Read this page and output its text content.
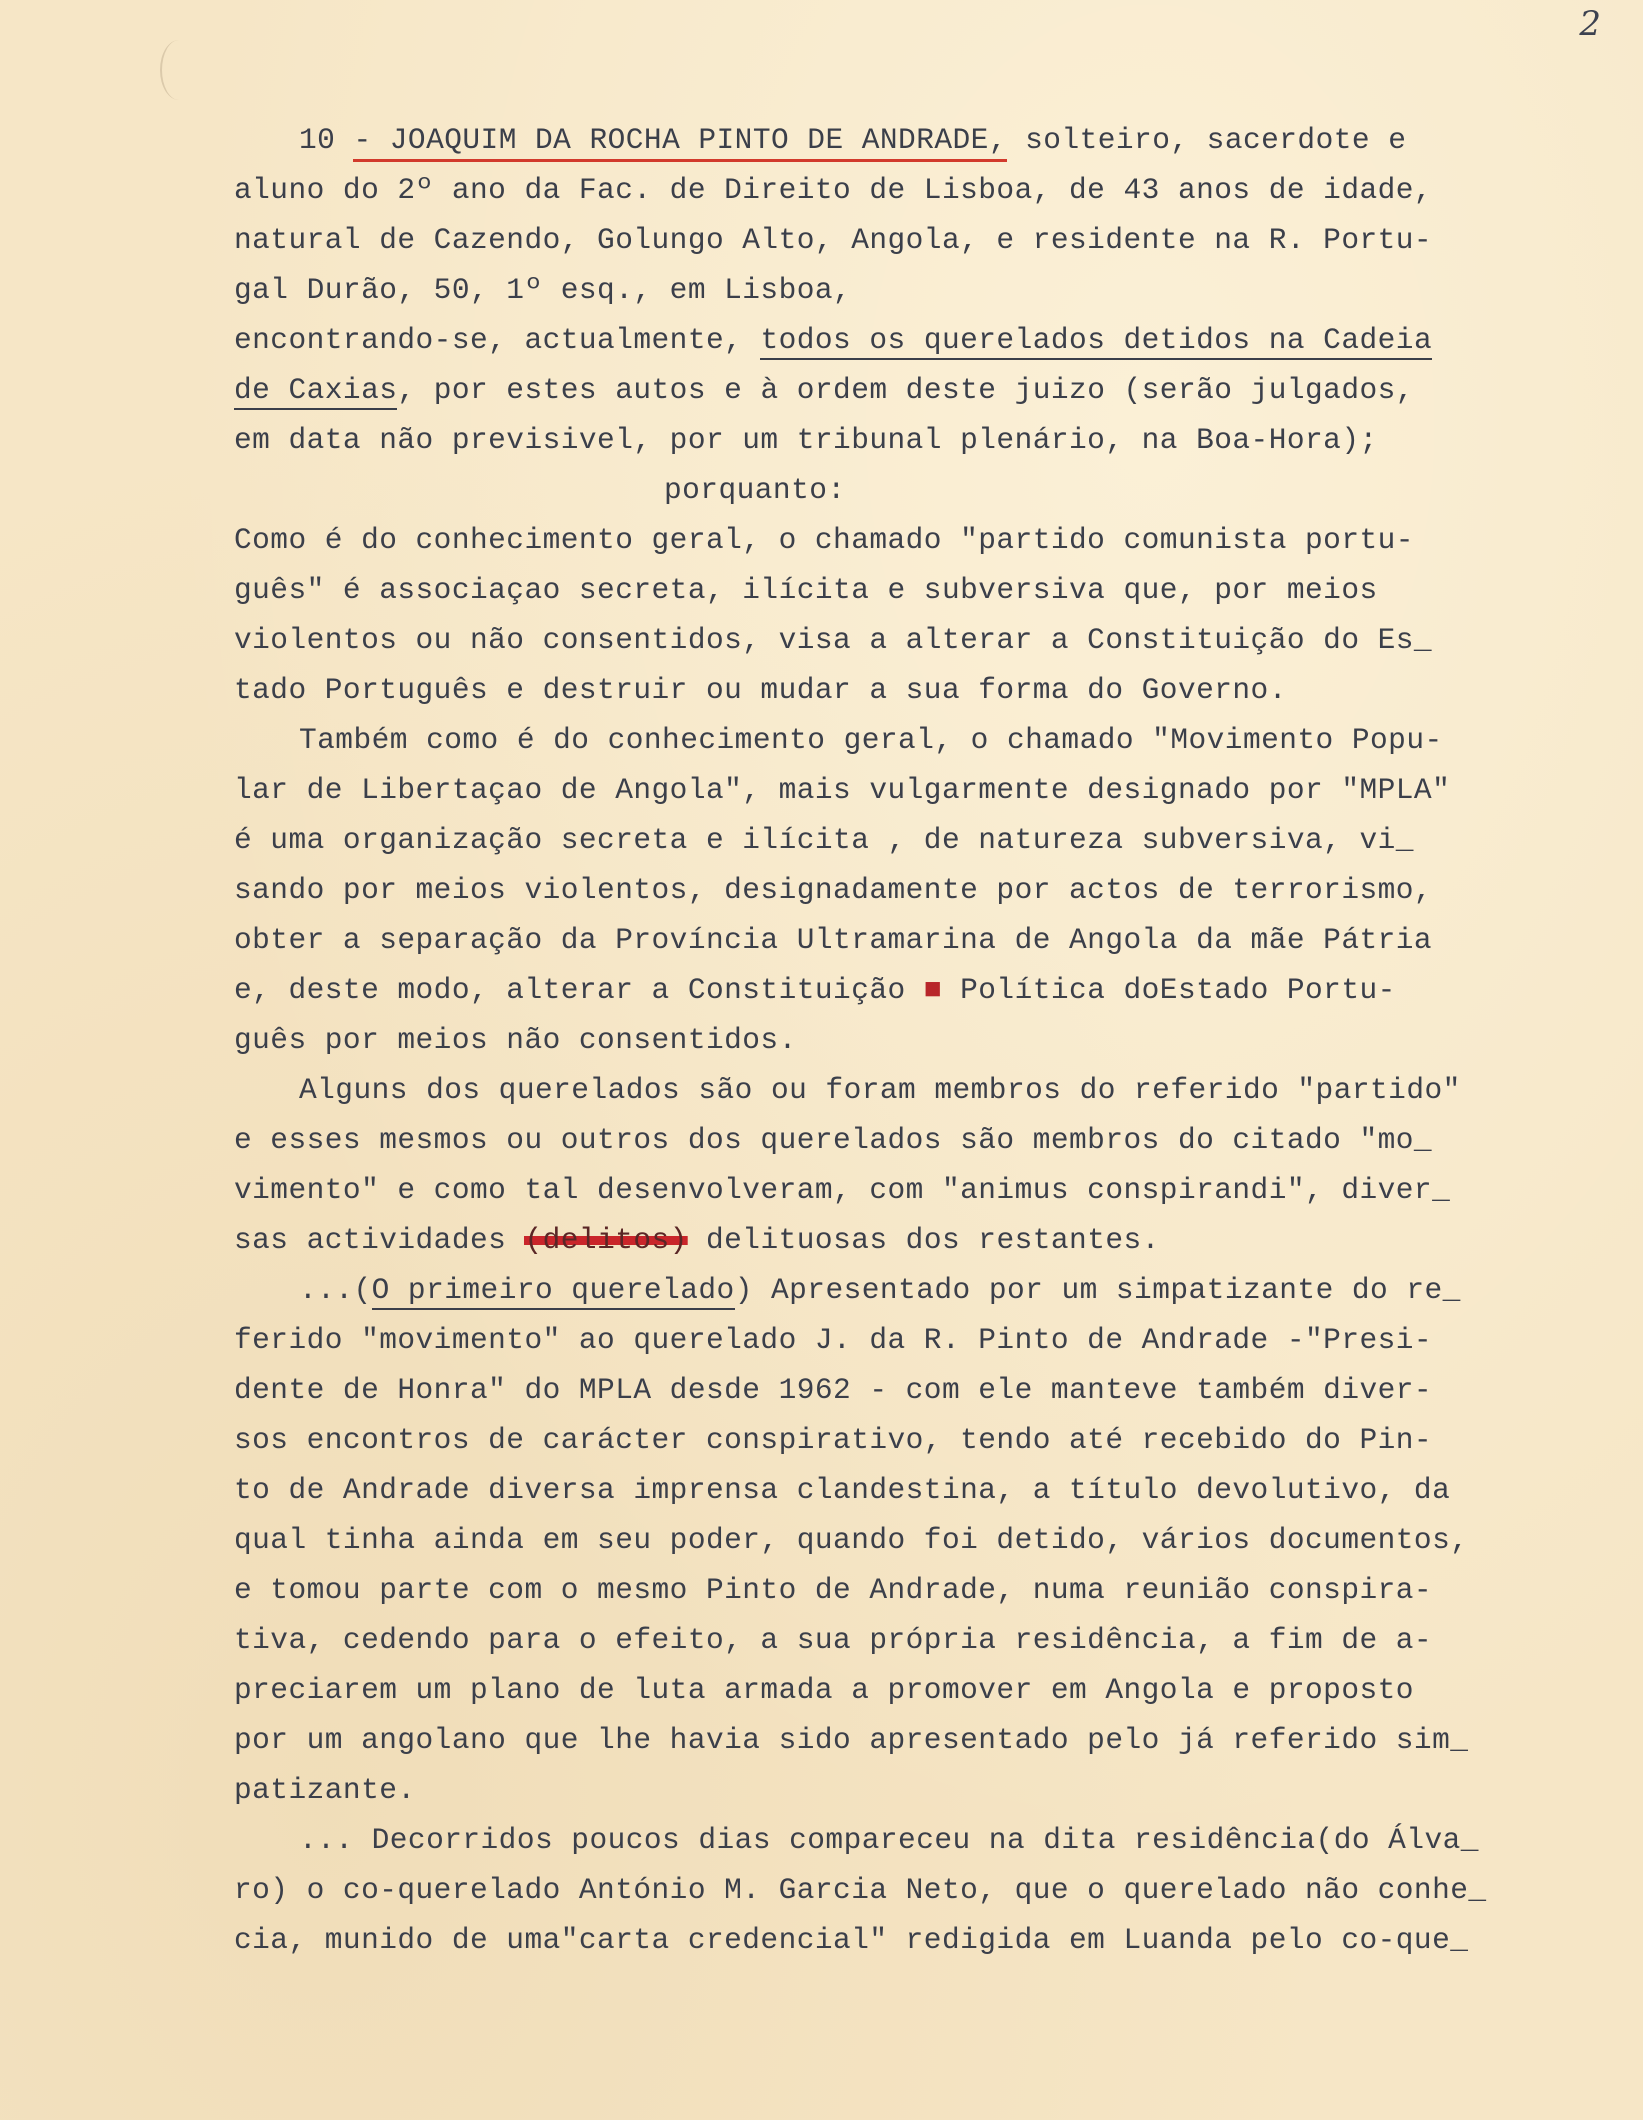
2
10 - JOAQUIM DA ROCHA PINTO DE ANDRADE, solteiro, sacerdote e
aluno do 2º ano da Fac. de Direito de Lisboa, de 43 anos de idade,
natural de Cazendo, Golungo Alto, Angola, e residente na R. Portu-
gal Durão, 50, 1º esq., em Lisboa,
encontrando-se, actualmente, todos os querelados detidos na Cadeia
de Caxias, por estes autos e à ordem deste juizo (serão julgados,
em data não previsivel, por um tribunal plenário, na Boa-Hora);
porquanto:
Como é do conhecimento geral, o chamado "partido comunista portu-
guês" é associaçao secreta, ilícita e subversiva que, por meios
violentos ou não consentidos, visa a alterar a Constituição do Es_
tado Português e destruir ou mudar a sua forma do Governo.
Também como é do conhecimento geral, o chamado "Movimento Popu-
lar de Libertaçao de Angola", mais vulgarmente designado por "MPLA"
é uma organização secreta e ilícita , de natureza subversiva, vi_
sando por meios violentos, designadamente por actos de terrorismo,
obter a separação da Província Ultramarina de Angola da mãe Pátria
e, deste modo, alterar a Constituição ■ Política doEstado Portu-
guês por meios não consentidos.
Alguns dos querelados são ou foram membros do referido "partido"
e esses mesmos ou outros dos querelados são membros do citado "mo_
vimento" e como tal desenvolveram, com "animus conspirandi", diver_
sas actividades (delitos) delituosas dos restantes.
...(O primeiro querelado) Apresentado por um simpatizante do re_
ferido "movimento" ao querelado J. da R. Pinto de Andrade -"Presi-
dente de Honra" do MPLA desde 1962 - com ele manteve também diver-
sos encontros de carácter conspirativo, tendo até recebido do Pin-
to de Andrade diversa imprensa clandestina, a título devolutivo, da
qual tinha ainda em seu poder, quando foi detido, vários documentos,
e tomou parte com o mesmo Pinto de Andrade, numa reunião conspira-
tiva, cedendo para o efeito, a sua própria residência, a fim de a-
preciarem um plano de luta armada a promover em Angola e proposto
por um angolano que lhe havia sido apresentado pelo já referido sim_
patizante.
... Decorridos poucos dias compareceu na dita residência(do Álva_
ro) o co-querelado António M. Garcia Neto, que o querelado não conhe_
cia, munido de uma"carta credencial" redigida em Luanda pelo co-que_
